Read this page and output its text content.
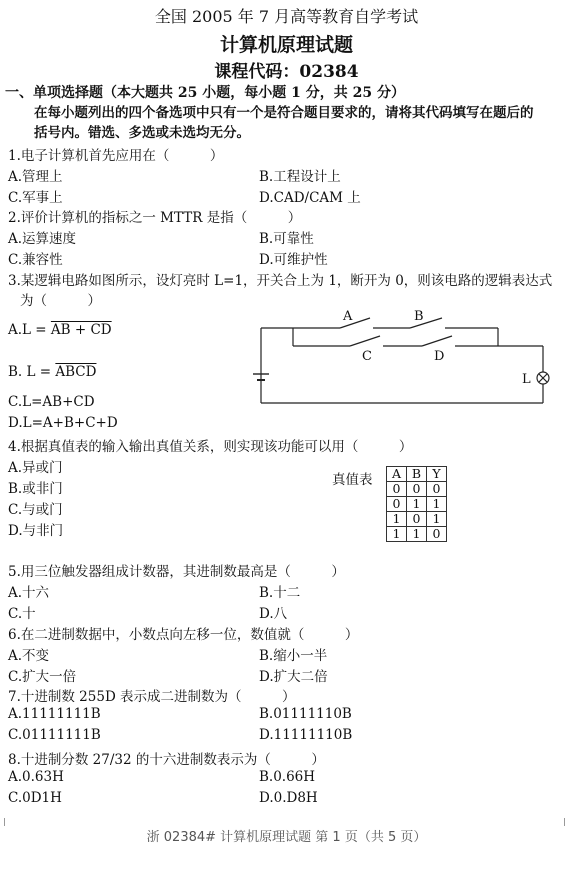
全国 2005 年 7 月高等教育自学考试
计算机原理试题
课程代码：02384
一、单项选择题（本大题共 25 小题，每小题 1 分，共 25 分）
在每小题列出的四个备选项中只有一个是符合题目要求的，请将其代码填写在题后的
括号内。错选、多选或未选均无分。
1.电子计算机首先应用在（　　　）
A.管理上	B.工程设计上
C.军事上	D.CAD/CAM 上
2.评价计算机的指标之一 MTTR 是指（　　　）
A.运算速度	B.可靠性
C.兼容性	D.可维护性
3.某逻辑电路如图所示，设灯亮时 L=1，开关合上为 1，断开为 0，则该电路的逻辑表达式
为（　　　）
A.L = AB + CD
B. L = ABCD
C.L=AB+CD
D.L=A+B+C+D
A	B
C	D
L
4.根据真值表的输入输出真值关系，则实现该功能可以用（　　　）
A.异或门
B.或非门
C.与或门
D.与非门
真值表 A	B	Y
0	0	0
0	1	1
1	0	1
1	1	0
5.用三位触发器组成计数器，其进制数最高是（　　　）
A.十六	B.十二
C.十	D.八
6.在二进制数据中，小数点向左移一位，数值就（　　　）
A.不变	B.缩小一半
C.扩大一倍	D.扩大二倍
7.十进制数 255D 表示成二进制数为（　　　）
A.11111111B	B.01111110B
C.01111111B	D.11111110B
8.十进制分数 27/32 的十六进制数表示为（　　　）
A.0.63H	B.0.66H
C.0D1H	D.0.D8H
浙 02384# 计算机原理试题 第 1 页（共 5 页）
